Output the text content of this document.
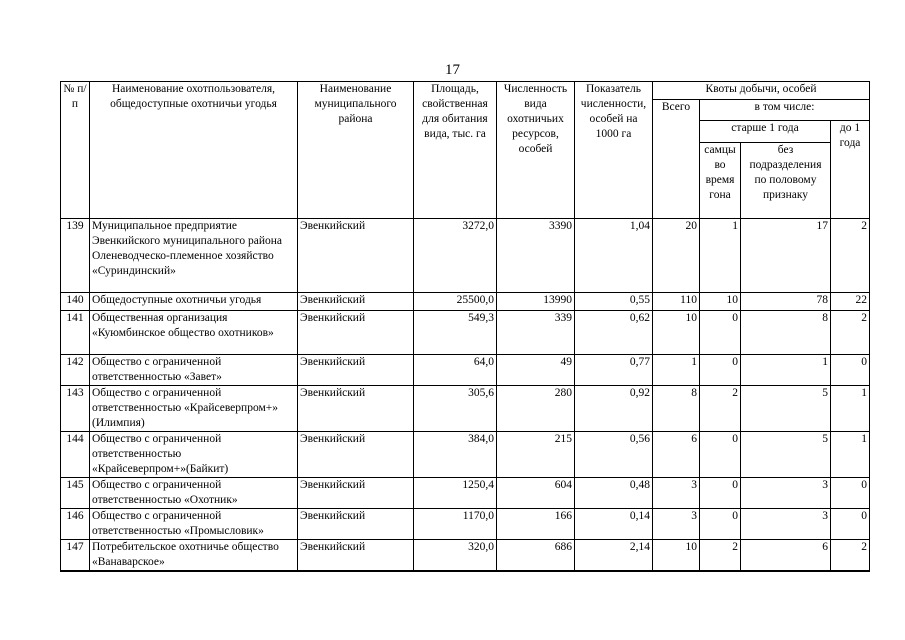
17
№ п/п	Наименование охотпользователя, общедоступные охотничьи угодья	Наименование муниципального района	Площадь, свойственная для обитания вида, тыс. га	Численность вида охотничьих ресурсов, особей	Показатель численности, особей на 1000 га	Квоты добычи, особей			
						Всего	в том числе:		
							старше 1 года		до 1 года
							самцы во время гона	без подразделения по половому признаку	
139	Муниципальное предприятие Эвенкийского муниципального района Оленеводческо-племенное хозяйство «Суриндинский»	Эвенкийский	3272,0	3390	1,04	20	1	17	2
140	Общедоступные охотничьи угодья	Эвенкийский	25500,0	13990	0,55	110	10	78	22
141	Общественная организация «Куюмбинское общество охотников»	Эвенкийский	549,3	339	0,62	10	0	8	2
142	Общество с ограниченной ответственностью «Завет»	Эвенкийский	64,0	49	0,77	1	0	1	0
143	Общество с ограниченной ответственностью «Крайсеверпром+» (Илимпия)	Эвенкийский	305,6	280	0,92	8	2	5	1
144	Общество с ограниченной ответственностью «Крайсеверпром+»(Байкит)	Эвенкийский	384,0	215	0,56	6	0	5	1
145	Общество с ограниченной ответственностью «Охотник»	Эвенкийский	1250,4	604	0,48	3	0	3	0
146	Общество с ограниченной ответственностью «Промысловик»	Эвенкийский	1170,0	166	0,14	3	0	3	0
147	Потребительское охотничье общество «Ванаварское»	Эвенкийский	320,0	686	2,14	10	2	6	2
